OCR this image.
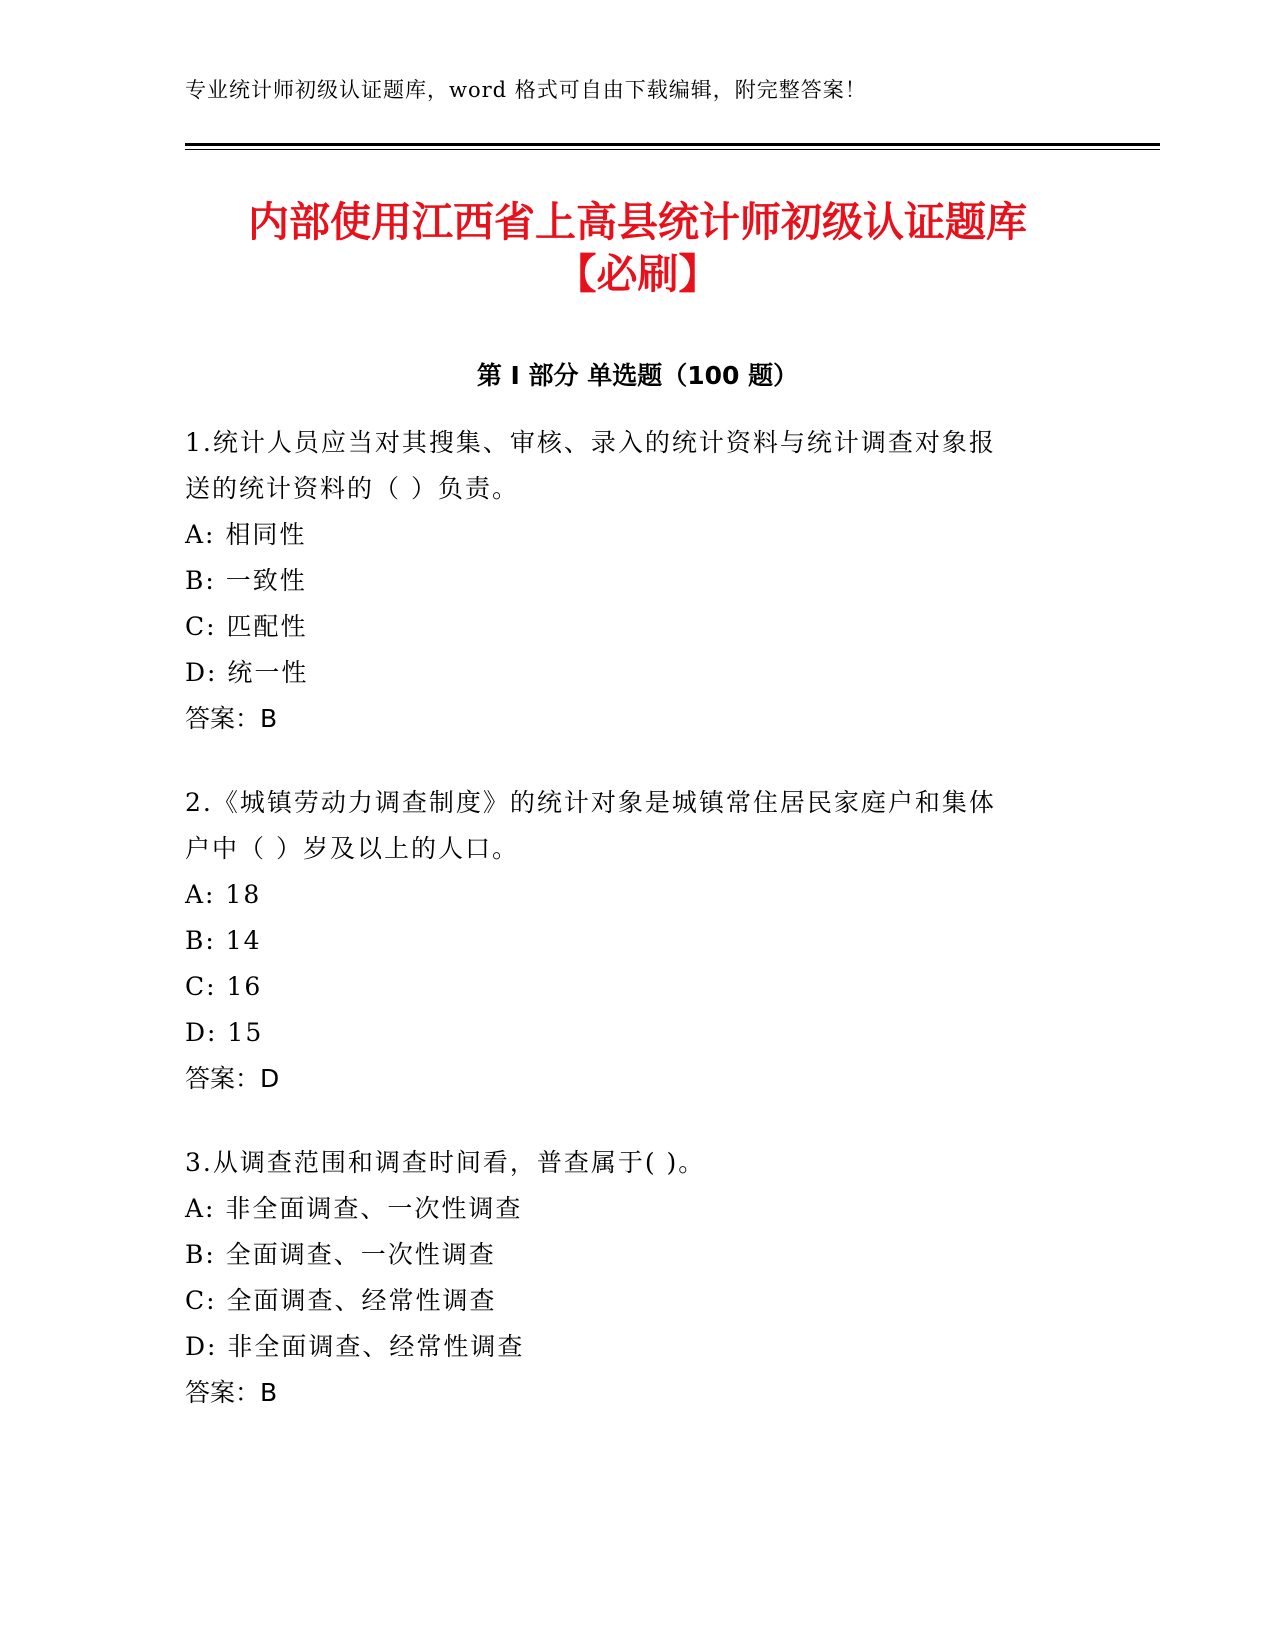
专业统计师初级认证题库，word 格式可自由下载编辑，附完整答案！
内部使用江西省上高县统计师初级认证题库
【必刷】
第 I 部分 单选题（100 题）
1.统计人员应当对其搜集、审核、录入的统计资料与统计调查对象报
送的统计资料的（ ）负责。
A: 相同性
B: 一致性
C: 匹配性
D: 统一性
答案：B
2.《城镇劳动力调查制度》的统计对象是城镇常住居民家庭户和集体
户中（ ）岁及以上的人口。
A: 18
B: 14
C: 16
D: 15
答案：D
3.从调查范围和调查时间看，普查属于( )。
A: 非全面调查、一次性调查
B: 全面调查、一次性调查
C: 全面调查、经常性调查
D: 非全面调查、经常性调查
答案：B
